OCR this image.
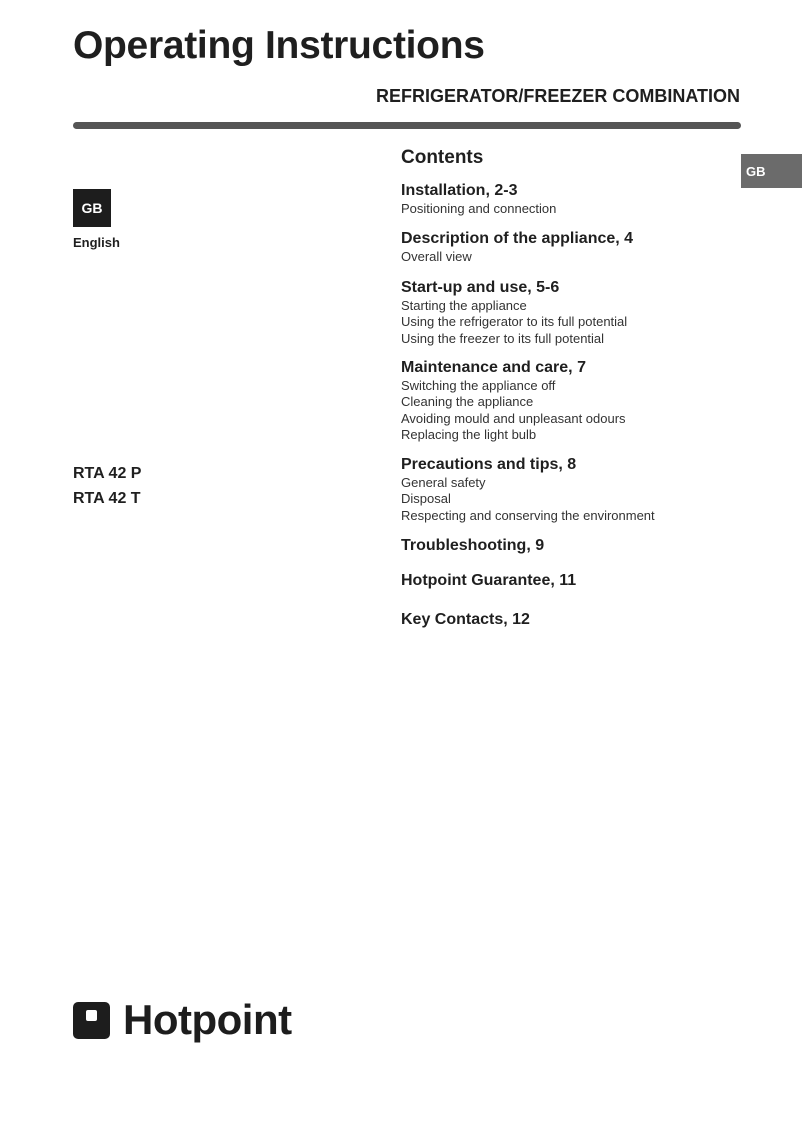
Operating Instructions
REFRIGERATOR/FREEZER COMBINATION
GB
GB
English
RTA 42 P
RTA 42 T
Contents
Installation, 2-3
Positioning and connection
Description of the appliance, 4
Overall view
Start-up and use, 5-6
Starting the appliance
Using the refrigerator to its full potential
Using the freezer to its full potential
Maintenance and care, 7
Switching the appliance off
Cleaning the appliance
Avoiding mould and unpleasant odours
Replacing the light bulb
Precautions and tips, 8
General safety
Disposal
Respecting and conserving the environment
Troubleshooting, 9
Hotpoint Guarantee, 11
Key Contacts, 12
Hotpoint
